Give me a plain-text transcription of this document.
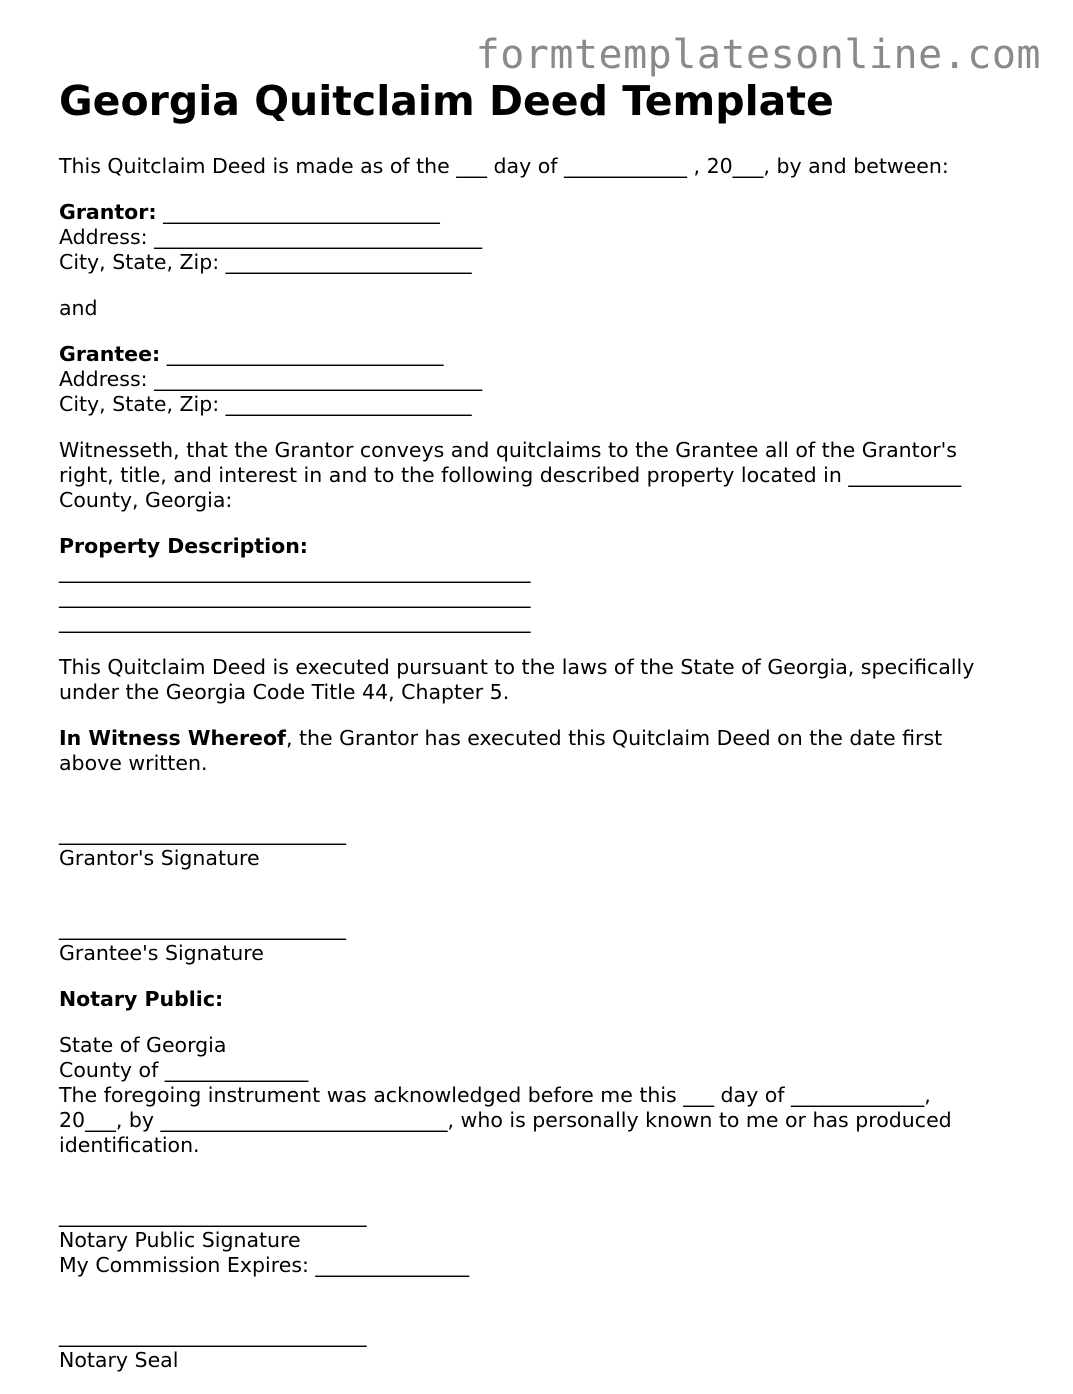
formtemplatesonline.com
Georgia Quitclaim Deed Template

This Quitclaim Deed is made as of the ___ day of ____________ , 20___, by and between:

Grantor: ___________________________
Address: ________________________________
City, State, Zip: ________________________

and

Grantee: ___________________________
Address: ________________________________
City, State, Zip: ________________________

Witnesseth, that the Grantor conveys and quitclaims to the Grantee all of the Grantor's
right, title, and interest in and to the following described property located in ___________
County, Georgia:

Property Description:
______________________________________________
______________________________________________
______________________________________________

This Quitclaim Deed is executed pursuant to the laws of the State of Georgia, specifically
under the Georgia Code Title 44, Chapter 5.

In Witness Whereof, the Grantor has executed this Quitclaim Deed on the date first
above written.

____________________________
Grantor's Signature

____________________________
Grantee's Signature

Notary Public:

State of Georgia
County of ______________
The foregoing instrument was acknowledged before me this ___ day of _____________,
20___, by ____________________________, who is personally known to me or has produced
identification.

______________________________
Notary Public Signature
My Commission Expires: _______________

______________________________
Notary Seal
